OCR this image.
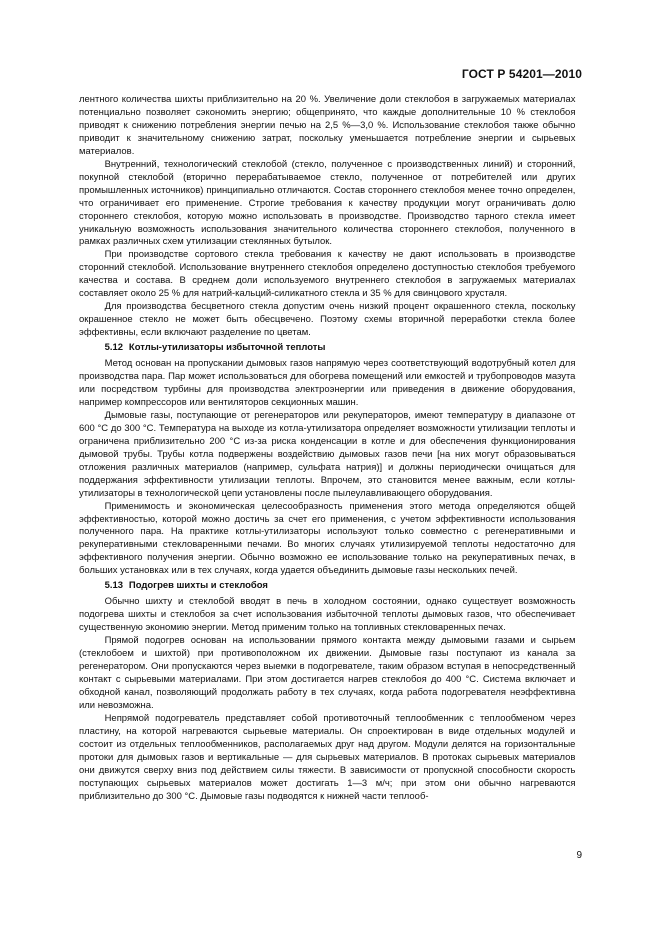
ГОСТ Р 54201—2010

лентного количества шихты приблизительно на 20 %. Увеличение доли стеклобоя в загружаемых материалах потенциально позволяет сэкономить энергию; общепринято, что каждые дополнительные 10 % стеклобоя приводят к снижению потребления энергии печью на 2,5 %—3,0 %. Использование стеклобоя также обычно приводит к значительному снижению затрат, поскольку уменьшается потребление энергии и сырьевых материалов.

Внутренний, технологический стеклобой (стекло, полученное с производственных линий) и сторонний, покупной стеклобой (вторично перерабатываемое стекло, полученное от потребителей или других промышленных источников) принципиально отличаются. Состав стороннего стеклобоя менее точно определен, что ограничивает его применение. Строгие требования к качеству продукции могут ограничивать долю стороннего стеклобоя, которую можно использовать в производстве. Производство тарного стекла имеет уникальную возможность использования значительного количества стороннего стеклобоя, полученного в рамках различных схем утилизации стеклянных бутылок.

При производстве сортового стекла требования к качеству не дают использовать в производстве сторонний стеклобой. Использование внутреннего стеклобоя определено доступностью стеклобоя требуемого качества и состава. В среднем доли используемого внутреннего стеклобоя в загружаемых материалах составляет около 25 % для натрий-кальций-силикатного стекла и 35 % для свинцового хрусталя.

Для производства бесцветного стекла допустим очень низкий процент окрашенного стекла, поскольку окрашенное стекло не может быть обесцвечено. Поэтому схемы вторичной переработки стекла более эффективны, если включают разделение по цветам.

5.12 Котлы-утилизаторы избыточной теплоты

Метод основан на пропускании дымовых газов напрямую через соответствующий водотрубный котел для производства пара. Пар может использоваться для обогрева помещений или емкостей и трубопроводов мазута или посредством турбины для производства электроэнергии или приведения в движение оборудования, например компрессоров или вентиляторов секционных машин.

Дымовые газы, поступающие от регенераторов или рекуператоров, имеют температуру в диапазоне от 600 °С до 300 °С. Температура на выходе из котла-утилизатора определяет возможности утилизации теплоты и ограничена приблизительно 200 °С из-за риска конденсации в котле и для обеспечения функционирования дымовой трубы. Трубы котла подвержены воздействию дымовых газов печи [на них могут образовываться отложения различных материалов (например, сульфата натрия)] и должны периодически очищаться для поддержания эффективности утилизации теплоты. Впрочем, это становится менее важным, если котлы-утилизаторы в технологической цепи установлены после пылеулавливающего оборудования.

Применимость и экономическая целесообразность применения этого метода определяются общей эффективностью, которой можно достичь за счет его применения, с учетом эффективности использования полученного пара. На практике котлы-утилизаторы используют только совместно с регенеративными и рекуперативными стекловаренными печами. Во многих случаях утилизируемой теплоты недостаточно для эффективного получения энергии. Обычно возможно ее использование только на рекуперативных печах, в больших установках или в тех случаях, когда удается объединить дымовые газы нескольких печей.

5.13 Подогрев шихты и стеклобоя

Обычно шихту и стеклобой вводят в печь в холодном состоянии, однако существует возможность подогрева шихты и стеклобоя за счет использования избыточной теплоты дымовых газов, что обеспечивает существенную экономию энергии. Метод применим только на топливных стекловаренных печах.

Прямой подогрев основан на использовании прямого контакта между дымовыми газами и сырьем (стеклобоем и шихтой) при противоположном их движении. Дымовые газы поступают из канала за регенератором. Они пропускаются через выемки в подогревателе, таким образом вступая в непосредственный контакт с сырьевыми материалами. При этом достигается нагрев стеклобоя до 400 °С. Система включает и обходной канал, позволяющий продолжать работу в тех случаях, когда работа подогревателя неэффективна или невозможна.

Непрямой подогреватель представляет собой противоточный теплообменник с теплообменом через пластину, на которой нагреваются сырьевые материалы. Он спроектирован в виде отдельных модулей и состоит из отдельных теплообменников, располагаемых друг над другом. Модули делятся на горизонтальные протоки для дымовых газов и вертикальные — для сырьевых материалов. В протоках сырьевых материалов они движутся сверху вниз под действием силы тяжести. В зависимости от пропускной способности скорость поступающих сырьевых материалов может достигать 1—3 м/ч; при этом они обычно нагреваются приблизительно до 300 °С. Дымовые газы подводятся к нижней части теплооб-

9
